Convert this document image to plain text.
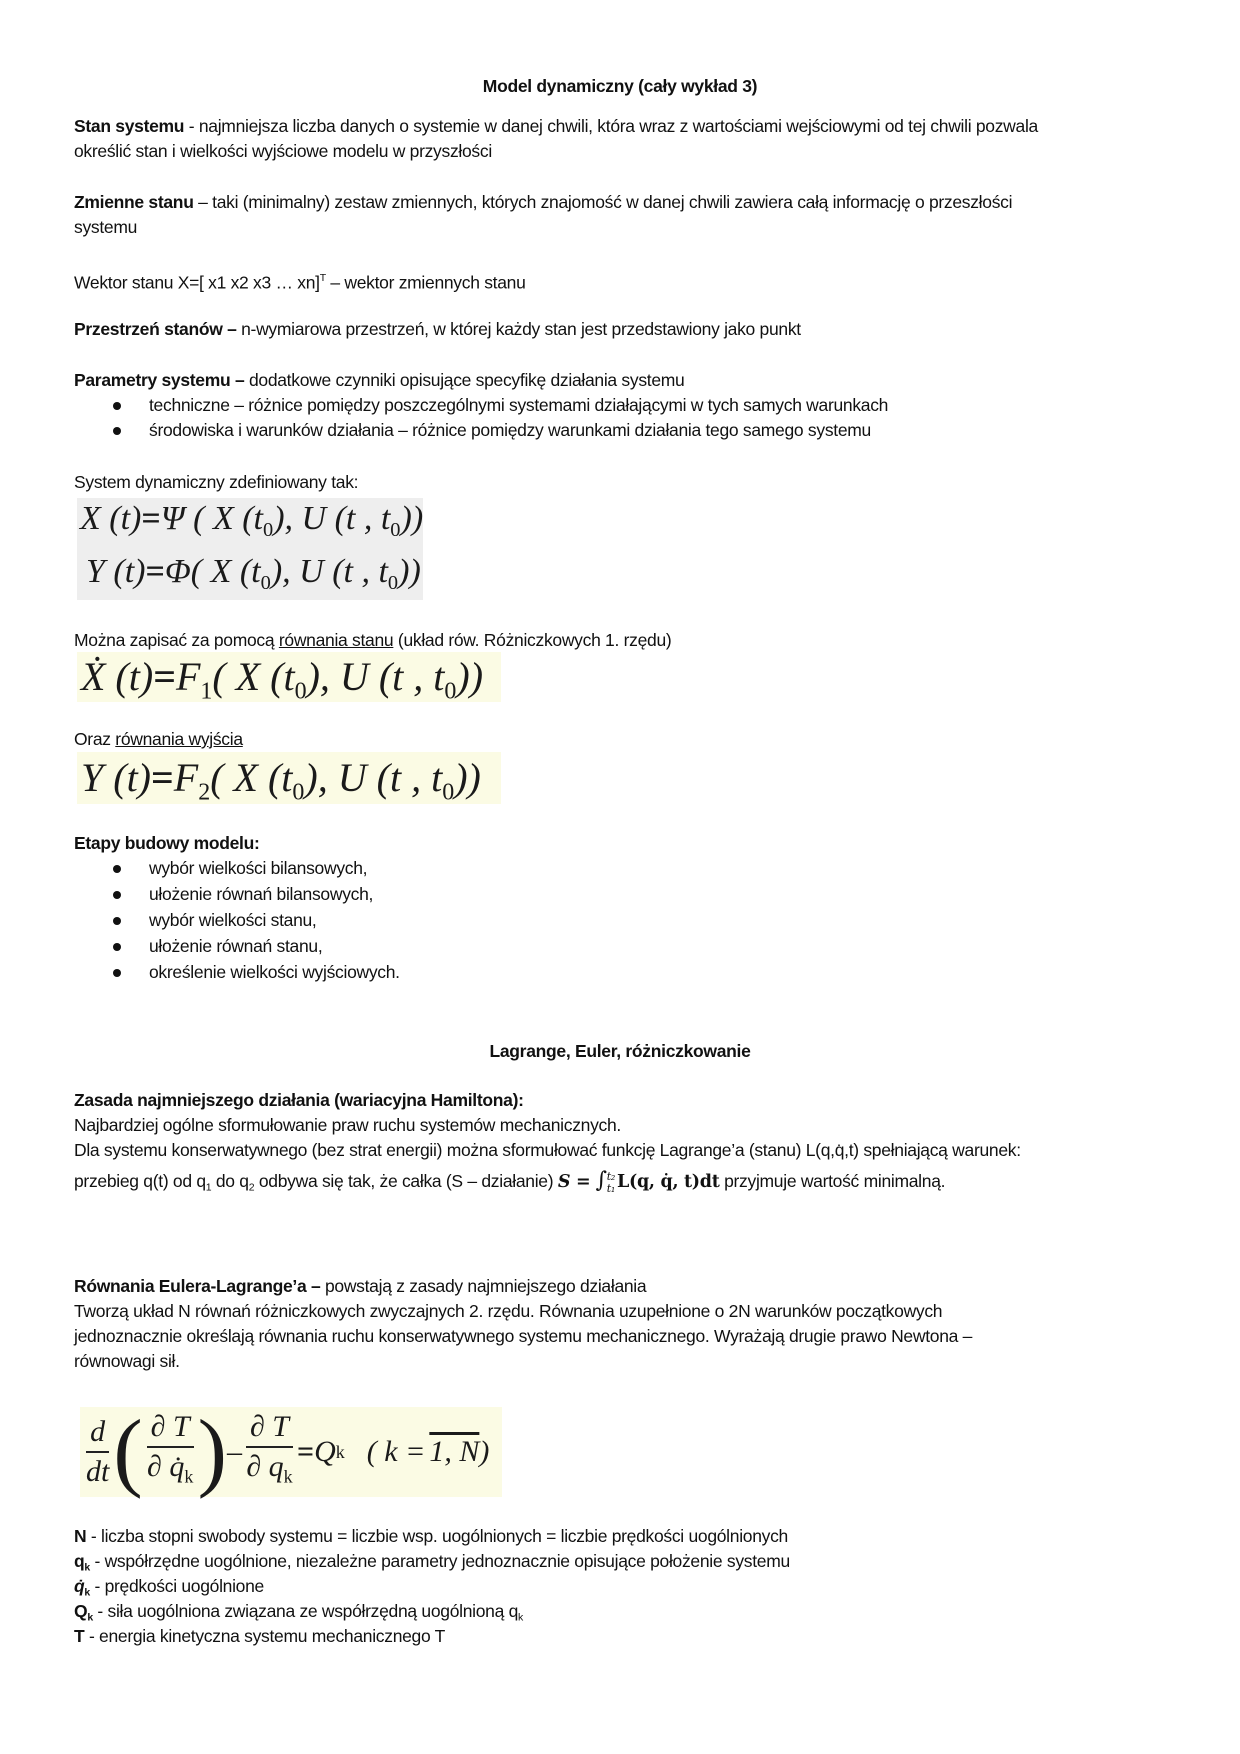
Model dynamiczny (cały wykład 3)
Stan systemu - najmniejsza liczba danych o systemie w danej chwili, która wraz z wartościami wejściowymi od tej chwili pozwala
określić stan i wielkości wyjściowe modelu w przyszłości
Zmienne stanu – taki (minimalny) zestaw zmiennych, których znajomość w danej chwili zawiera całą informację o przeszłości
systemu
Wektor stanu X=[ x1 x2 x3 … xn]$^T$ – wektor zmiennych stanu
Przestrzeń stanów – n-wymiarowa przestrzeń, w której każdy stan jest przedstawiony jako punkt
Parametry systemu – dodatkowe czynniki opisujące specyfikę działania systemu
techniczne – różnice pomiędzy poszczególnymi systemami działającymi w tych samych warunkach
środowiska i warunków działania – różnice pomiędzy warunkami działania tego samego systemu
System dynamiczny zdefiniowany tak:
X (t)=Ψ ( X $(t_0)$, U (t , $t_0$))
Y (t)=Φ( X $(t_0)$, U (t , $t_0$))
Można zapisać za pomocą równania stanu (układ rów. Różniczkowych 1. rzędu)
Ẋ $(t)=F_1$( X $(t_0)$, U (t , $t_0$))
Oraz równania wyjścia
Y $(t)=F_2$( X $(t_0)$, U (t , $t_0$))
Etapy budowy modelu:
wybór wielkości bilansowych,
ułożenie równań bilansowych,
wybór wielkości stanu,
ułożenie równań stanu,
określenie wielkości wyjściowych.
Lagrange, Euler, różniczkowanie
Zasada najmniejszego działania (wariacyjna Hamiltona):
Najbardziej ogólne sformułowanie praw ruchu systemów mechanicznych.
Dla systemu konserwatywnego (bez strat energii) można sformułować funkcję Lagrange’a (stanu) L(q,q̇,t) spełniającą warunek:
przebieg q(t) od $q_1$ do $q_2$ odbywa się tak, że całka (S – działanie) S = ∫ t₂
t₁ L(q, q̇, t)dt przyjmuje wartość minimalną.
Równania Eulera-Lagrange’a – powstają z zasady najmniejszego działania
Tworzą układ N równań różniczkowych zwyczajnych 2. rzędu. Równania uzupełnione o 2N warunków początkowych
jednoznacznie określają równania ruchu konserwatywnego systemu mechanicznego. Wyrażają drugie prawo Newtona –
równowagi sił.
$\frac{d}{dt}$ ( $\frac{\partial T}{\partial q̇_k}$ ) – $\frac{\partial T}{\partial q_k} = Q$ k ( k = 1, N )
N - liczba stopni swobody systemu = liczbie wsp. uogólnionych = liczbie prędkości uogólnionych
$q_k$ - współrzędne uogólnione, niezależne parametry jednoznacznie opisujące położenie systemu
$q̇_k$ - prędkości uogólnione
$Q_k$ - siła uogólniona związana ze współrzędną uogólnioną $q_k$
T - energia kinetyczna systemu mechanicznego T
